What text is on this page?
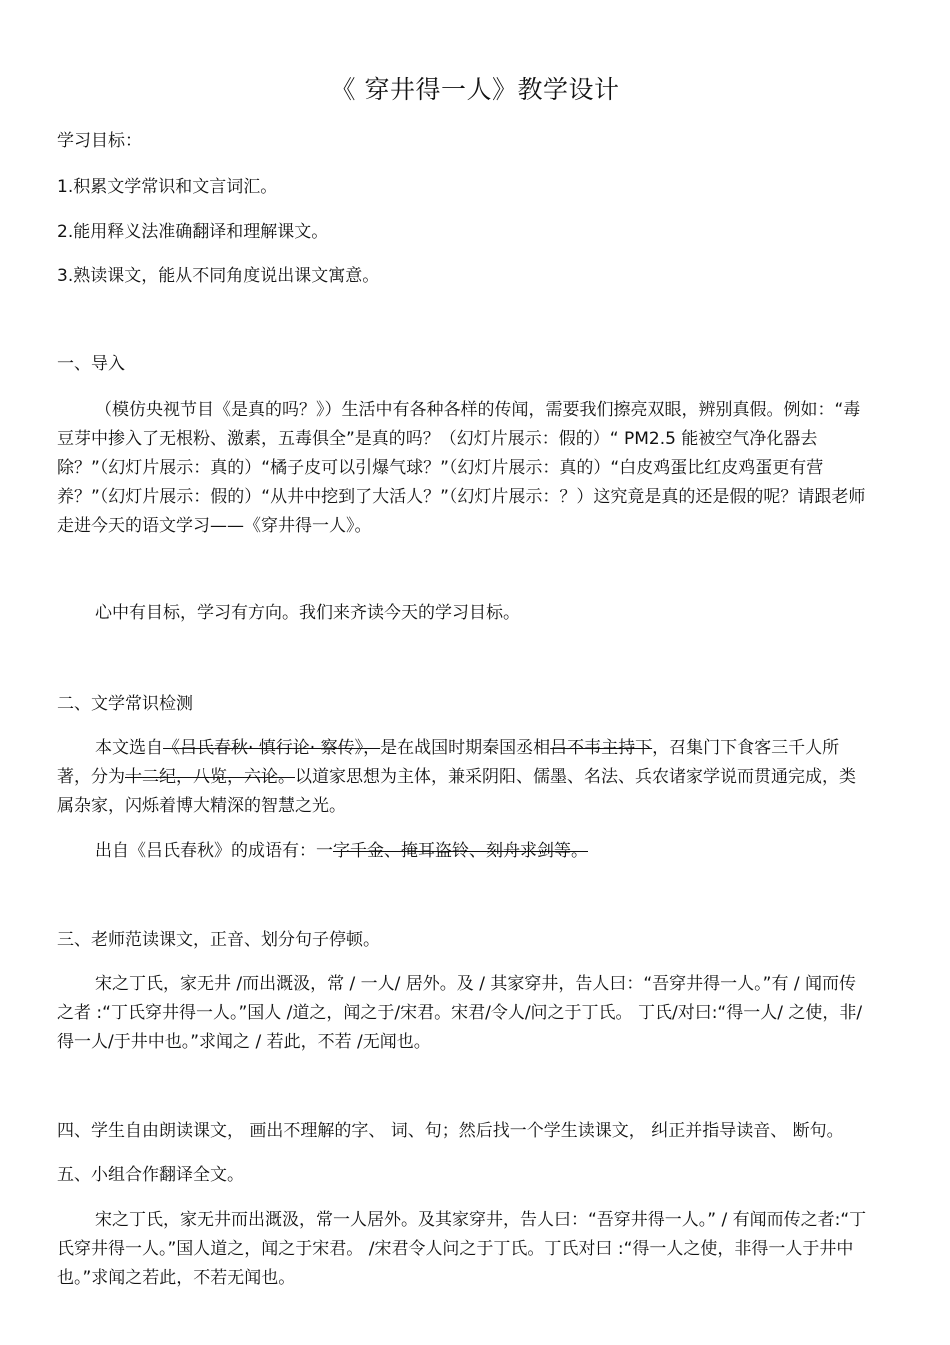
《 穿井得一人》教学设计
学习目标：
1.积累文学常识和文言词汇。
2.能用释义法准确翻译和理解课文。
3.熟读课文，能从不同角度说出课文寓意。
一、导入
（模仿央视节目《是真的吗？》）生活中有各种各样的传闻，需要我们擦亮双眼，辨别真假。例如：“毒豆芽中掺入了无根粉、激素，五毒俱全”是真的吗？（幻灯片展示：假的）“ PM2.5 能被空气净化器去除？”（幻灯片展示：真的）“橘子皮可以引爆气球？”（幻灯片展示：真的）“白皮鸡蛋比红皮鸡蛋更有营养？”（幻灯片展示：假的）“从井中挖到了大活人？”（幻灯片展示：？）这究竟是真的还是假的呢？请跟老师走进今天的语文学习——《穿井得一人》。
心中有目标，学习有方向。我们来齐读今天的学习目标。
二、文学常识检测
本文选自《吕氏春秋· 慎行论· 察传》，是在战国时期秦国丞相吕不韦主持下，召集门下食客三千人所著，分为十二纪，八览，六论。以道家思想为主体，兼采阴阳、儒墨、名法、兵农诸家学说而贯通完成，类属杂家，闪烁着博大精深的智慧之光。
出自《吕氏春秋》的成语有：一字千金、掩耳盗铃、刻舟求剑等。
三、老师范读课文，正音、划分句子停顿。
宋之丁氏，家无井 /而出溉汲，常 / 一人/ 居外。及 / 其家穿井，告人曰：“吾穿井得一人。”有 / 闻而传之者 :“丁氏穿井得一人。”国人 /道之，闻之于/宋君。宋君/令人/问之于丁氏。 丁氏/对曰:“得一人/ 之使，非/得一人/于井中也。”求闻之 / 若此，不若 /无闻也。
四、学生自由朗读课文， 画出不理解的字、 词、句；然后找一个学生读课文， 纠正并指导读音、 断句。
五、小组合作翻译全文。
宋之丁氏，家无井而出溉汲，常一人居外。及其家穿井，告人曰：“吾穿井得一人。” / 有闻而传之者:“丁氏穿井得一人。”国人道之，闻之于宋君。 /宋君令人问之于丁氏。丁氏对曰 :“得一人之使，非得一人于井中也。”求闻之若此，不若无闻也。
